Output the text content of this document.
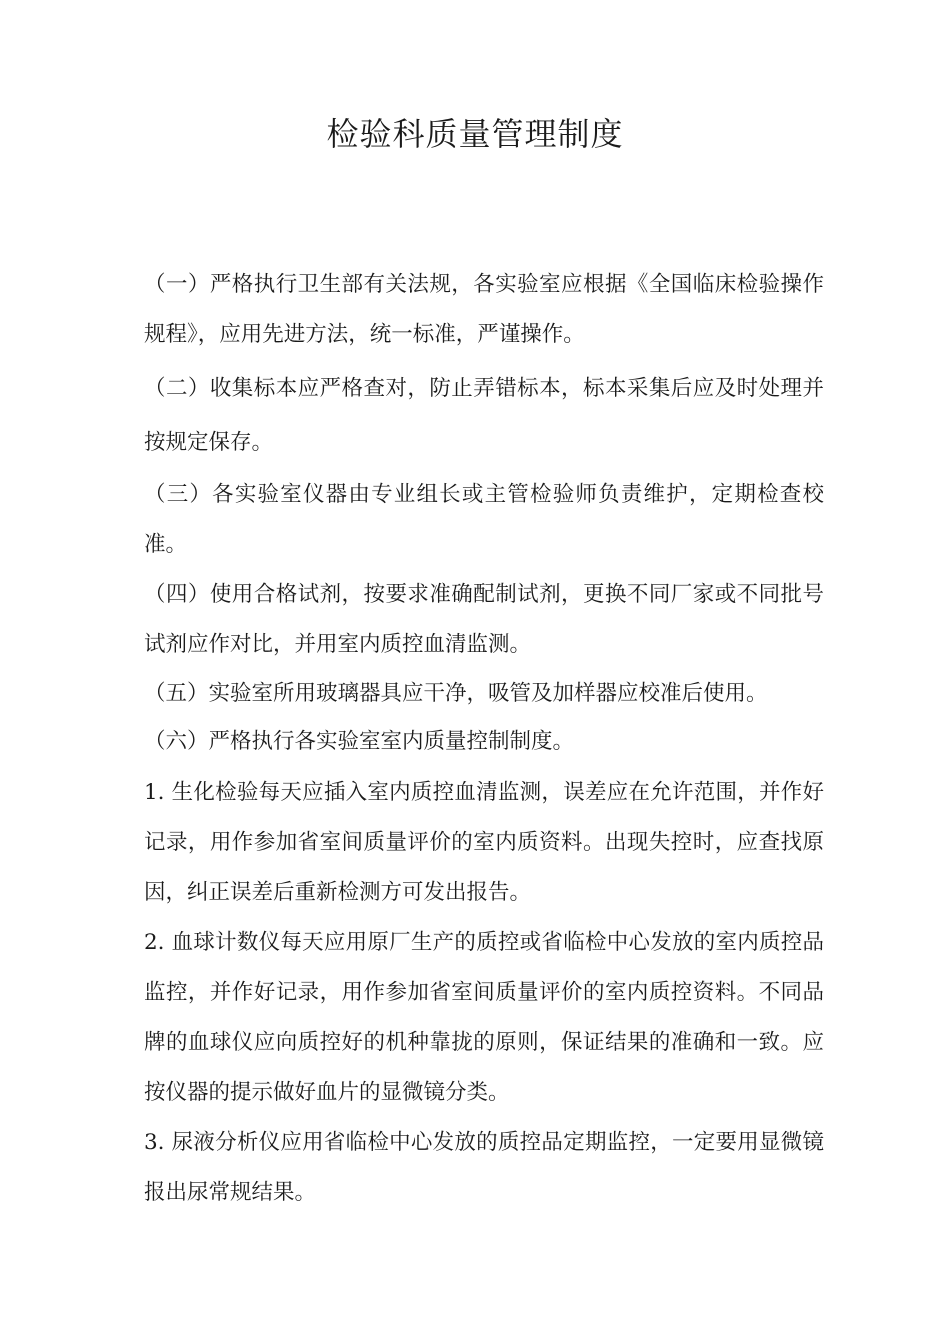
检验科质量管理制度

（一）严格执行卫生部有关法规，各实验室应根据《全国临床检验操作规程》，应用先进方法，统一标准，严谨操作。

（二）收集标本应严格查对，防止弄错标本，标本采集后应及时处理并按规定保存。

（三）各实验室仪器由专业组长或主管检验师负责维护，定期检查校准。

（四）使用合格试剂，按要求准确配制试剂，更换不同厂家或不同批号试剂应作对比，并用室内质控血清监测。

（五）实验室所用玻璃器具应干净，吸管及加样器应校准后使用。

（六）严格执行各实验室室内质量控制制度。

1. 生化检验每天应插入室内质控血清监测，误差应在允许范围，并作好记录，用作参加省室间质量评价的室内质资料。出现失控时，应查找原因，纠正误差后重新检测方可发出报告。

2. 血球计数仪每天应用原厂生产的质控或省临检中心发放的室内质控品监控，并作好记录，用作参加省室间质量评价的室内质控资料。不同品牌的血球仪应向质控好的机种靠拢的原则，保证结果的准确和一致。应按仪器的提示做好血片的显微镜分类。

3. 尿液分析仪应用省临检中心发放的质控品定期监控，一定要用显微镜报出尿常规结果。
